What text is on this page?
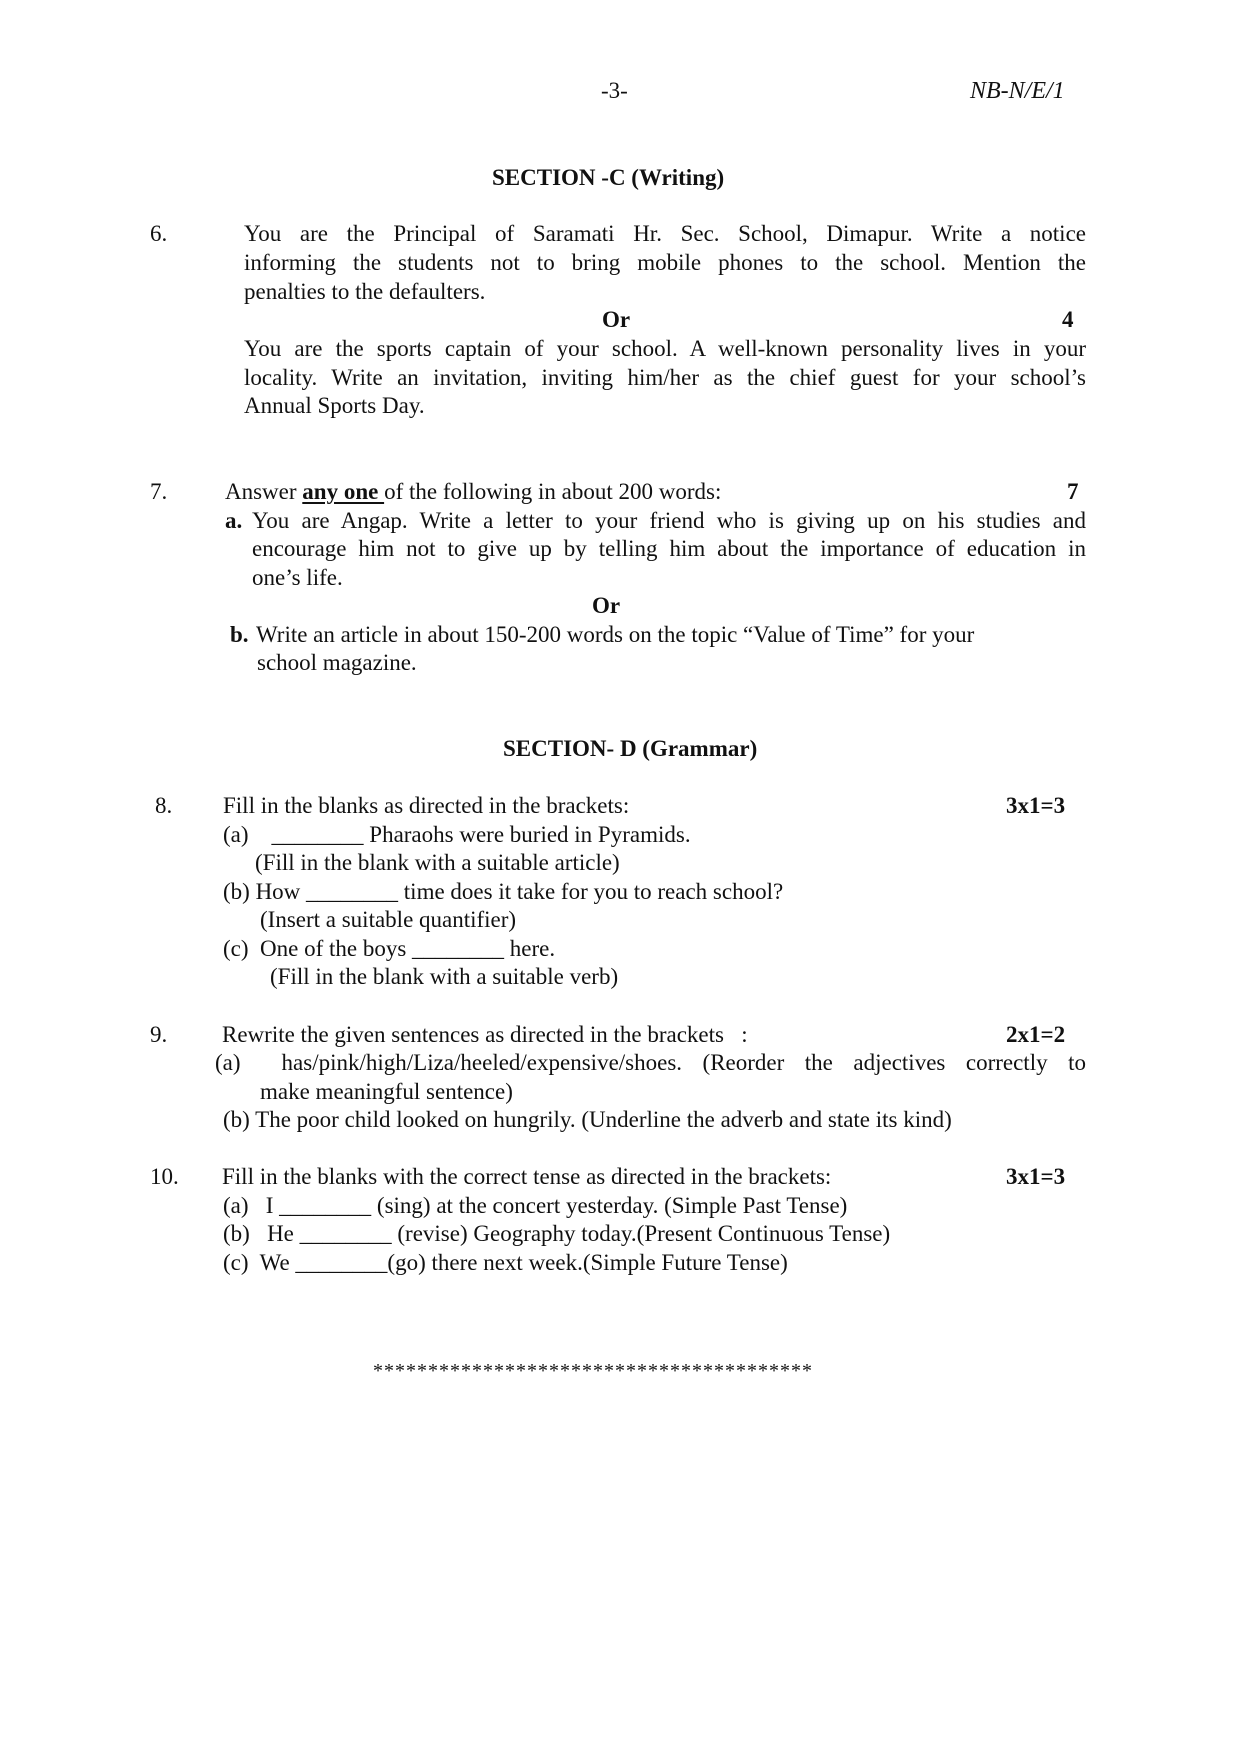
-3-	NB-N/E/1
SECTION -C (Writing)
6.	You are the Principal of Saramati Hr. Sec. School, Dimapur. Write a notice
informing the students not to bring mobile phones to the school. Mention the
penalties to the defaulters.
Or	4
You are the sports captain of your school. A well-known personality lives in your
locality. Write an invitation, inviting him/her as the chief guest for your school’s
Annual Sports Day.
7.	Answer any one of the following in about 200 words:	7
a. You are Angap. Write a letter to your friend who is giving up on his studies and
encourage him not to give up by telling him about the importance of education in
one’s life.
Or
b. Write an article in about 150-200 words on the topic “Value of Time” for your
school magazine.
SECTION- D (Grammar)
8. Fill in the blanks as directed in the brackets:	3x1=3
(a)    ________ Pharaohs were buried in Pyramids.
(Fill in the blank with a suitable article)
(b) How ________ time does it take for you to reach school?
(Insert a suitable quantifier)
(c)  One of the boys ________ here.
(Fill in the blank with a suitable verb)
9. Rewrite the given sentences as directed in the brackets   :	2x1=2
(a)  has/pink/high/Liza/heeled/expensive/shoes. (Reorder the adjectives correctly to
make meaningful sentence)
(b) The poor child looked on hungrily. (Underline the adverb and state its kind)
10. Fill in the blanks with the correct tense as directed in the brackets:	3x1=3
(a)   I ________ (sing) at the concert yesterday. (Simple Past Tense)
(b)   He ________ (revise) Geography today.(Present Continuous Tense)
(c)  We ________(go) there next week.(Simple Future Tense)
****************************************
